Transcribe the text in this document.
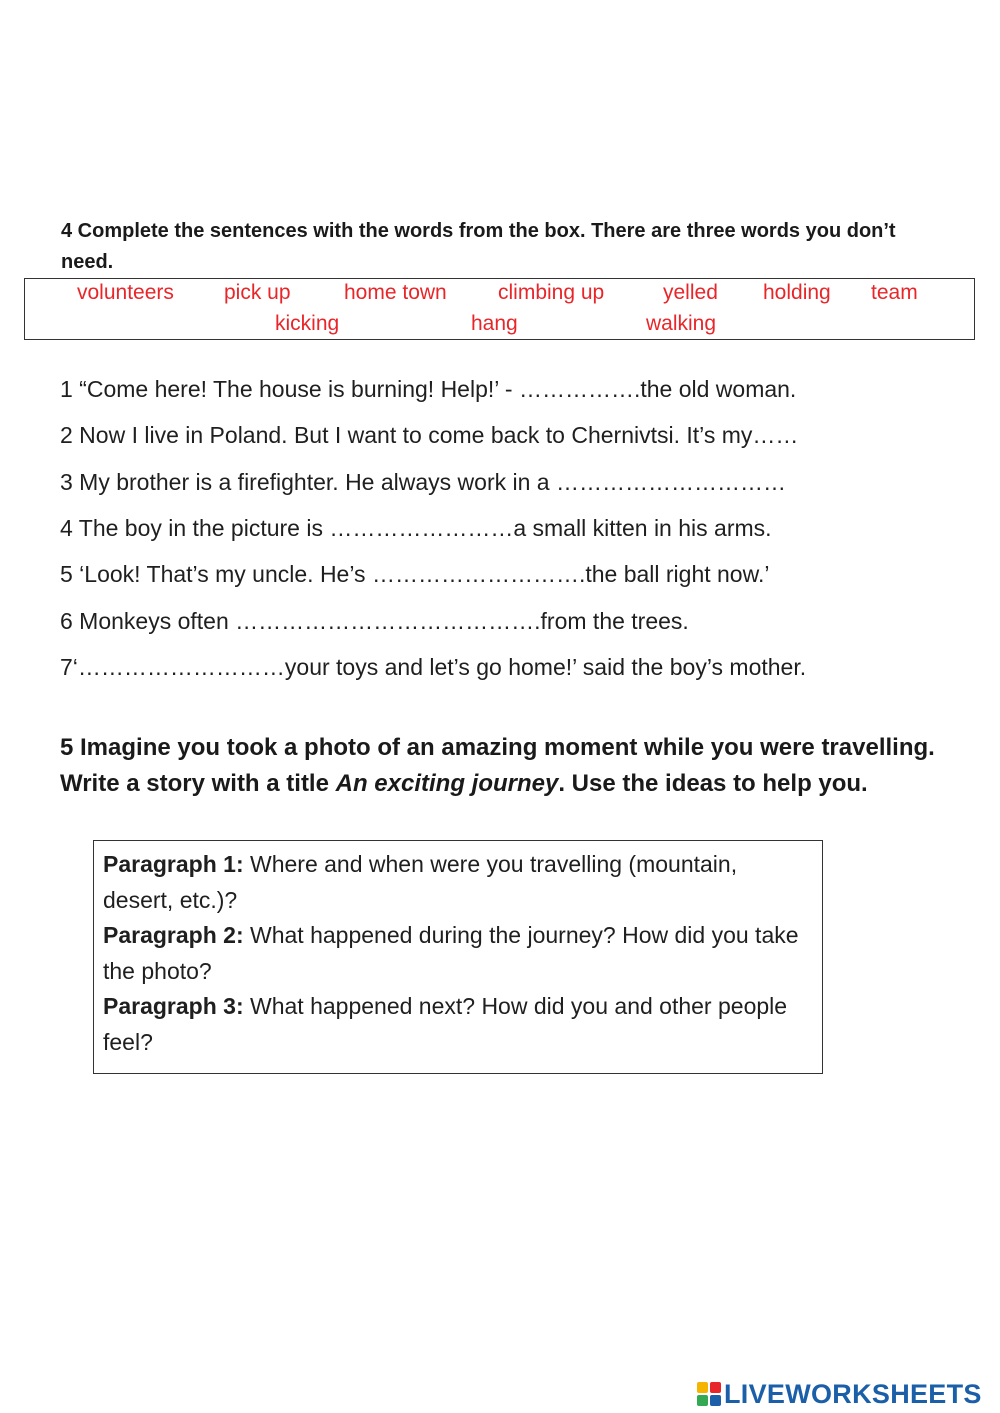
4 Complete the sentences with the words from the box. There are three words you don’t need.
volunteers pick up	home town climbing up	yelled holding team
kicking	hang	walking
1 “Come here! The house is burning! Help!’ - …………….the old woman.
2 Now I live in Poland. But I want to come back to Chernivtsi. It’s my……
3 My brother is a firefighter. He always work in a …………………………
4 The boy in the picture is ……………………a small kitten in his arms.
5 ‘Look! That’s my uncle. He’s ……………………….the ball right now.’
6 Monkeys often ………………………………….from the trees.
7‘………………………your toys and let’s go home!’ said the boy’s mother.
5 Imagine you took a photo of an amazing moment while you were travelling. Write a story with a title An exciting journey. Use the ideas to help you.
Paragraph 1: Where and when were you travelling (mountain, desert, etc.)?
Paragraph 2: What happened during the journey? How did you take the photo?
Paragraph 3: What happened next? How did you and other people feel?
LIVEWORKSHEETS
